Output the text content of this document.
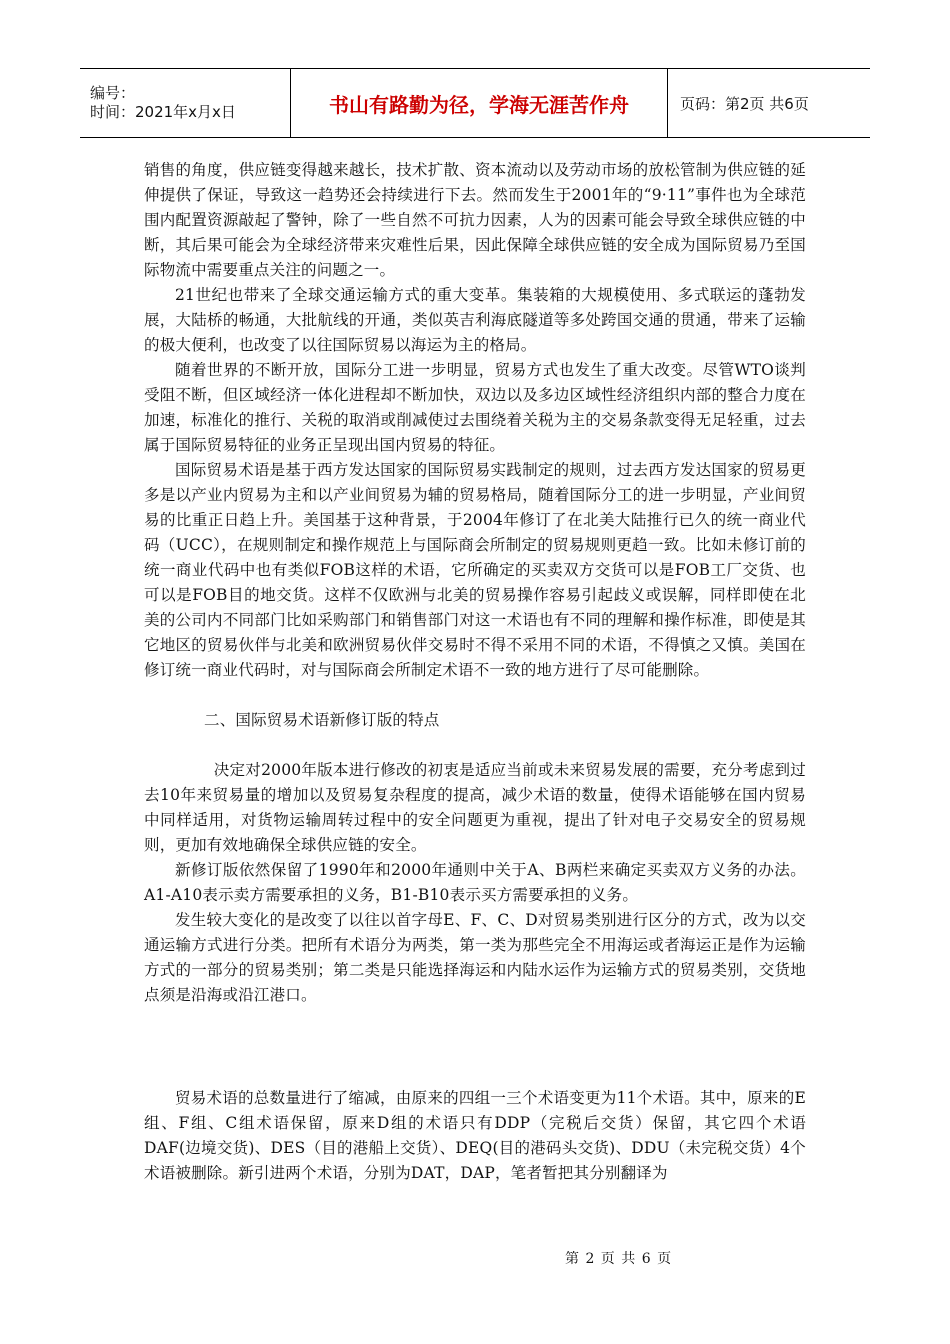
编号：
时间：2021年x月x日	书山有路勤为径，学海无涯苦作舟	页码：第2页 共6页

销售的角度，供应链变得越来越长，技术扩散、资本流动以及劳动市场的放松管制为供应链的延伸提供了保证，导致这一趋势还会持续进行下去。然而发生于2001年的“9·11”事件也为全球范围内配置资源敲起了警钟，除了一些自然不可抗力因素，人为的因素可能会导致全球供应链的中断，其后果可能会为全球经济带来灾难性后果，因此保障全球供应链的安全成为国际贸易乃至国际物流中需要重点关注的问题之一。

21世纪也带来了全球交通运输方式的重大变革。集装箱的大规模使用、多式联运的蓬勃发展，大陆桥的畅通，大批航线的开通，类似英吉利海底隧道等多处跨国交通的贯通，带来了运输的极大便利，也改变了以往国际贸易以海运为主的格局。

随着世界的不断开放，国际分工进一步明显，贸易方式也发生了重大改变。尽管WTO谈判受阻不断，但区域经济一体化进程却不断加快，双边以及多边区域性经济组织内部的整合力度在加速，标准化的推行、关税的取消或削减使过去围绕着关税为主的交易条款变得无足轻重，过去属于国际贸易特征的业务正呈现出国内贸易的特征。

国际贸易术语是基于西方发达国家的国际贸易实践制定的规则，过去西方发达国家的贸易更多是以产业内贸易为主和以产业间贸易为辅的贸易格局，随着国际分工的进一步明显，产业间贸易的比重正日趋上升。美国基于这种背景，于2004年修订了在北美大陆推行已久的统一商业代码（UCC），在规则制定和操作规范上与国际商会所制定的贸易规则更趋一致。比如未修订前的统一商业代码中也有类似FOB这样的术语，它所确定的买卖双方交货可以是FOB工厂交货、也可以是FOB目的地交货。这样不仅欧洲与北美的贸易操作容易引起歧义或误解，同样即使在北美的公司内不同部门比如采购部门和销售部门对这一术语也有不同的理解和操作标准，即使是其它地区的贸易伙伴与北美和欧洲贸易伙伴交易时不得不采用不同的术语，不得慎之又慎。美国在修订统一商业代码时，对与国际商会所制定术语不一致的地方进行了尽可能删除。

二、国际贸易术语新修订版的特点

决定对2000年版本进行修改的初衷是适应当前或未来贸易发展的需要，充分考虑到过去10年来贸易量的增加以及贸易复杂程度的提高，减少术语的数量，使得术语能够在国内贸易中同样适用，对货物运输周转过程中的安全问题更为重视，提出了针对电子交易安全的贸易规则，更加有效地确保全球供应链的安全。

新修订版依然保留了1990年和2000年通则中关于A、B两栏来确定买卖双方义务的办法。A1-A10表示卖方需要承担的义务，B1-B10表示买方需要承担的义务。

发生较大变化的是改变了以往以首字母E、F、C、D对贸易类别进行区分的方式，改为以交通运输方式进行分类。把所有术语分为两类，第一类为那些完全不用海运或者海运正是作为运输方式的一部分的贸易类别；第二类是只能选择海运和内陆水运作为运输方式的贸易类别，交货地点须是沿海或沿江港口。

贸易术语的总数量进行了缩减，由原来的四组一三个术语变更为11个术语。其中，原来的E组、F组、C组术语保留，原来D组的术语只有DDP（完税后交货）保留，其它四个术语DAF(边境交货)、DES（目的港船上交货）、DEQ(目的港码头交货)、DDU（未完税交货）4个术语被删除。新引进两个术语，分别为DAT，DAP，笔者暂把其分别翻译为

第 2 页 共 6 页
